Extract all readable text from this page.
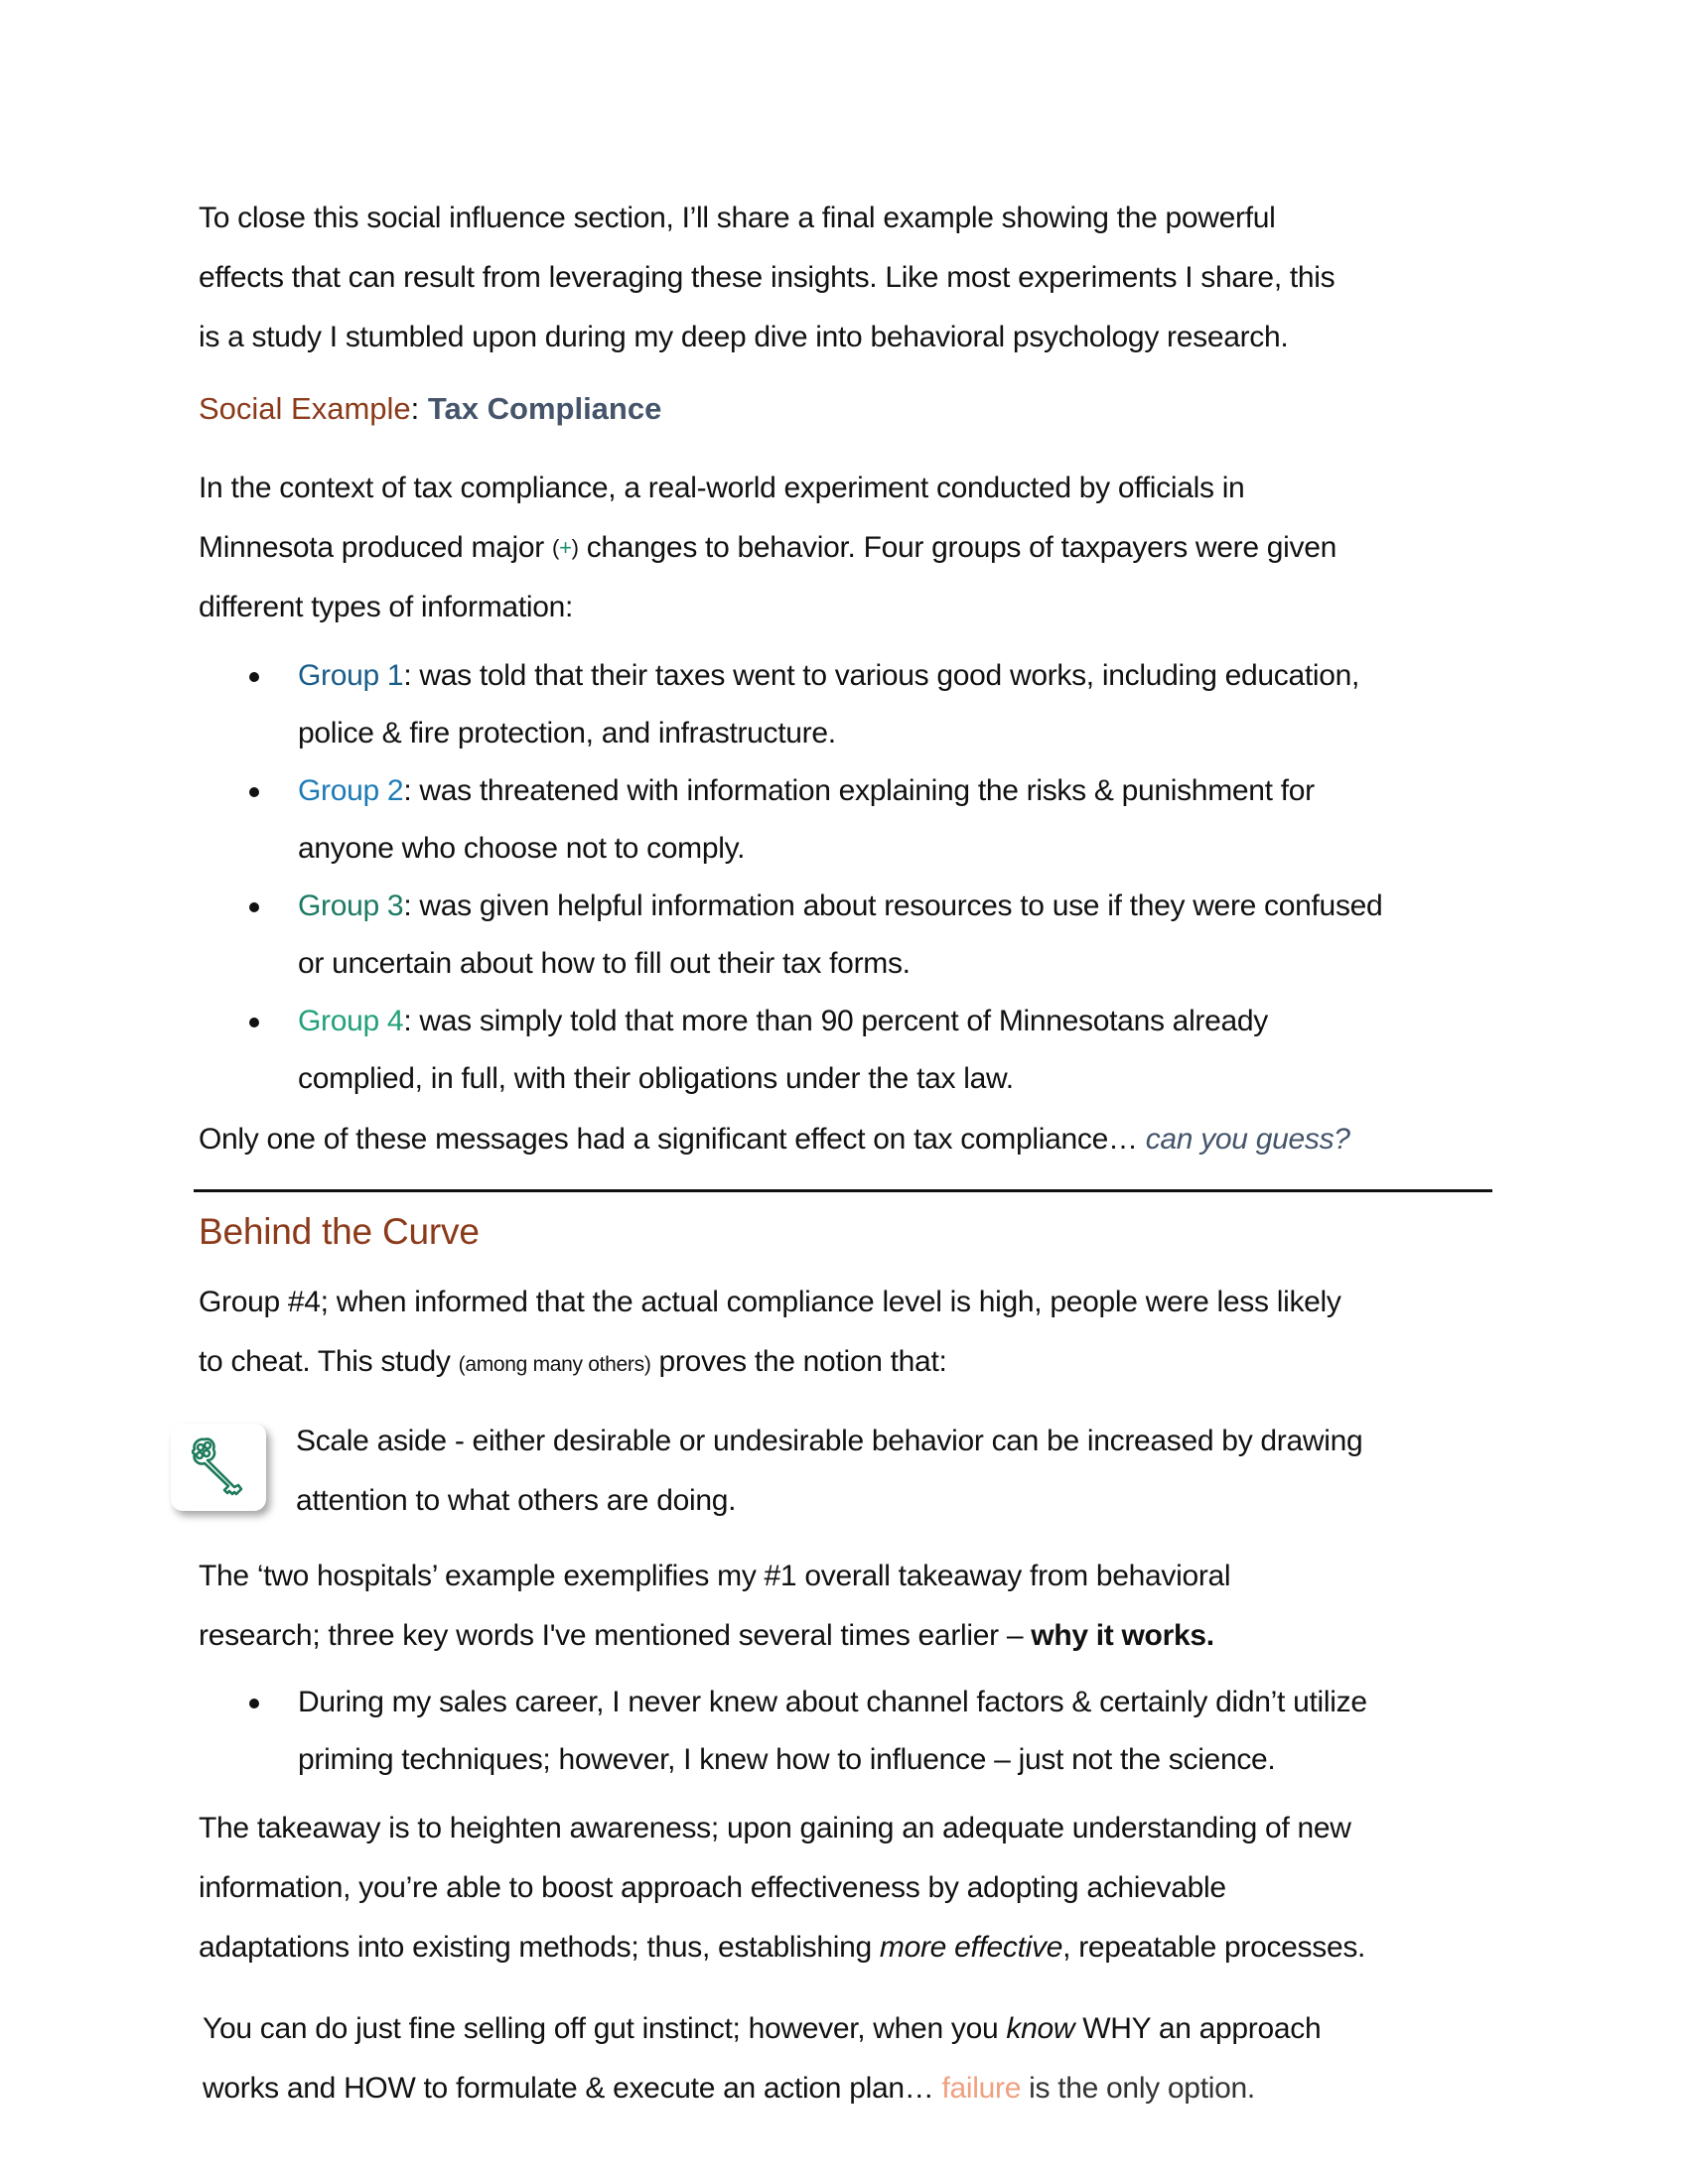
To close this social influence section, I’ll share a final example showing the powerful
effects that can result from leveraging these insights. Like most experiments I share, this
is a study I stumbled upon during my deep dive into behavioral psychology research.

Social Example: Tax Compliance

In the context of tax compliance, a real-world experiment conducted by officials in
Minnesota produced major (+) changes to behavior. Four groups of taxpayers were given
different types of information:

Group 1: was told that their taxes went to various good works, including education,
police & fire protection, and infrastructure.
Group 2: was threatened with information explaining the risks & punishment for
anyone who choose not to comply.
Group 3: was given helpful information about resources to use if they were confused
or uncertain about how to fill out their tax forms.
Group 4: was simply told that more than 90 percent of Minnesotans already
complied, in full, with their obligations under the tax law.

Only one of these messages had a significant effect on tax compliance… can you guess?

Behind the Curve

Group #4; when informed that the actual compliance level is high, people were less likely
to cheat. This study (among many others) proves the notion that:

Scale aside - either desirable or undesirable behavior can be increased by drawing
attention to what others are doing.

The ‘two hospitals’ example exemplifies my #1 overall takeaway from behavioral
research; three key words I've mentioned several times earlier – why it works.

During my sales career, I never knew about channel factors & certainly didn’t utilize
priming techniques; however, I knew how to influence – just not the science.

The takeaway is to heighten awareness; upon gaining an adequate understanding of new
information, you’re able to boost approach effectiveness by adopting achievable
adaptations into existing methods; thus, establishing more effective, repeatable processes.

You can do just fine selling off gut instinct; however, when you know WHY an approach
works and HOW to formulate & execute an action plan… failure is the only option.
